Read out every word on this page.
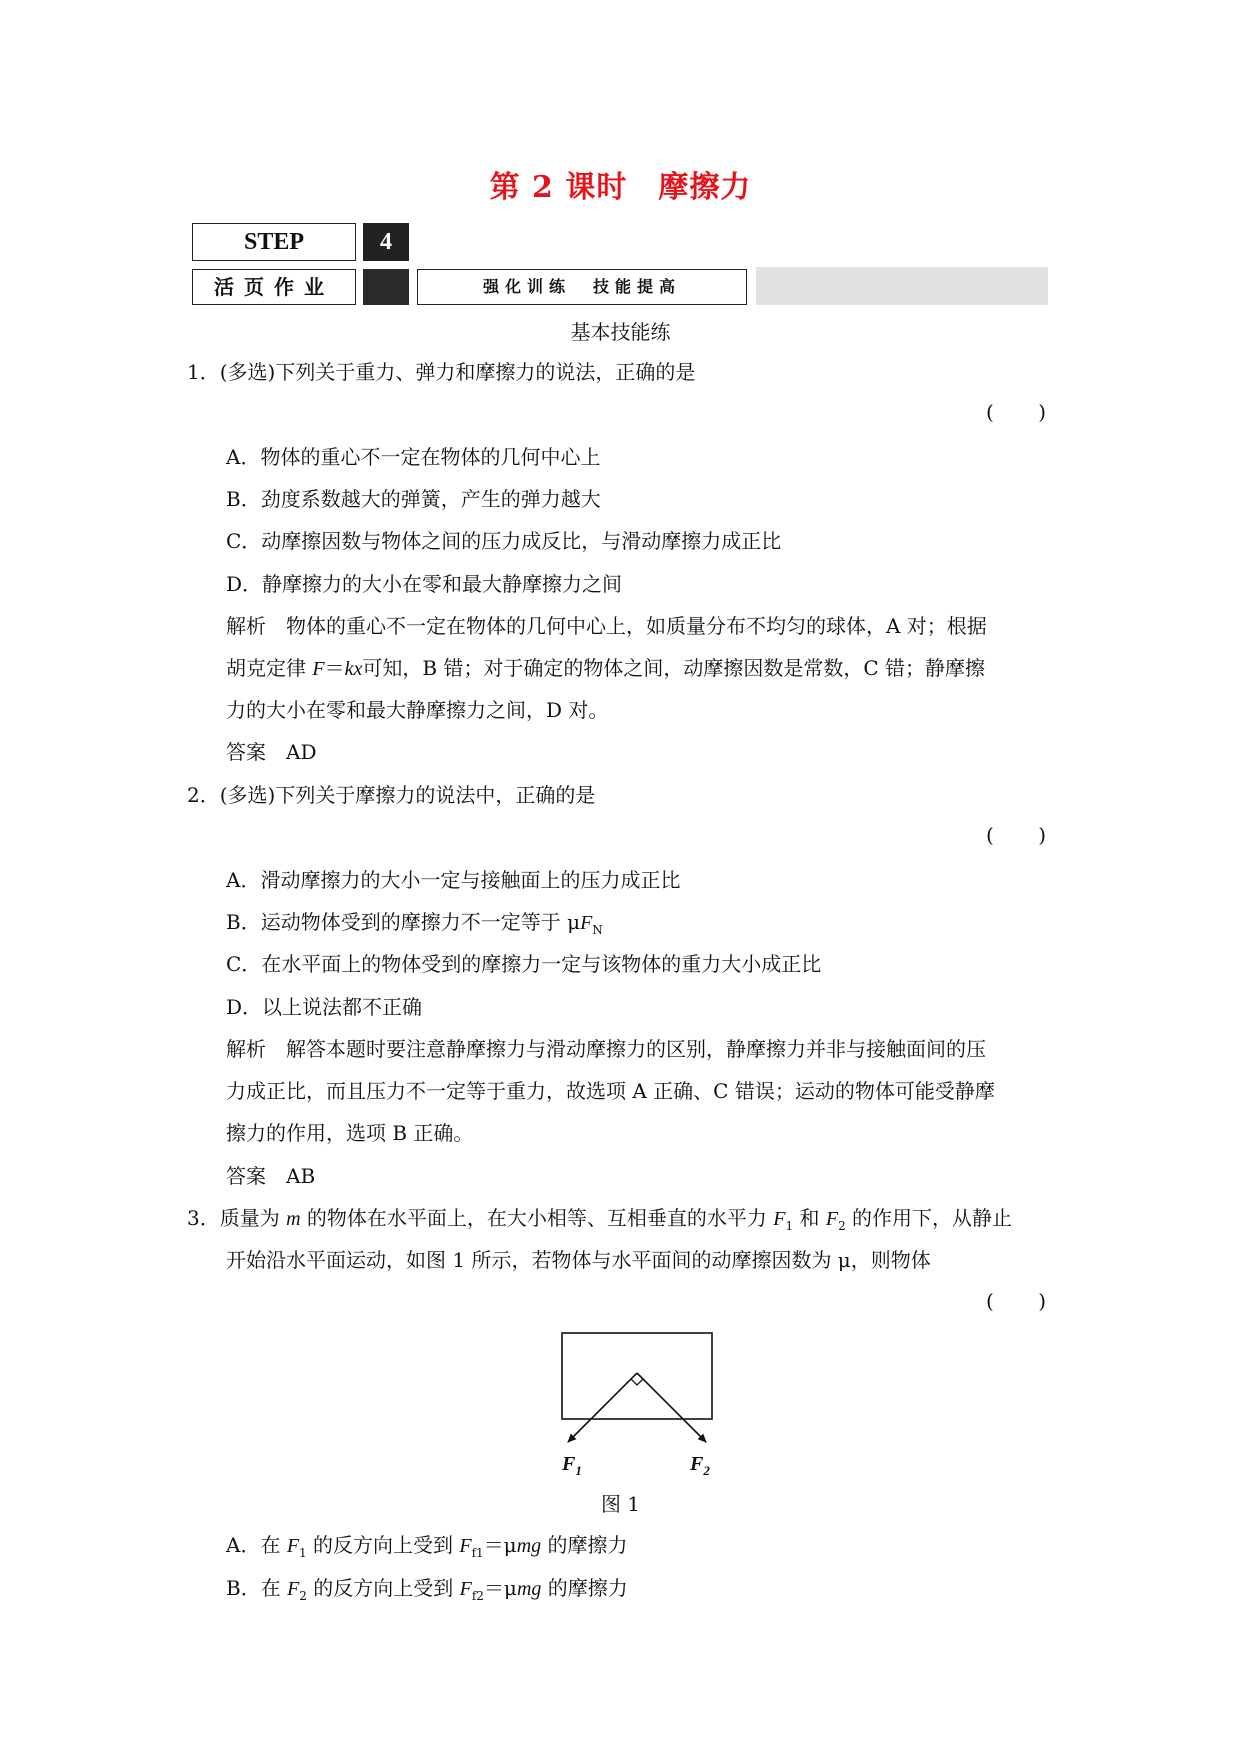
第 2 课时　摩擦力
STEP	4
活页作业	强化训练　技能提高
基本技能练
1．(多选)下列关于重力、弹力和摩擦力的说法，正确的是
( )
A．物体的重心不一定在物体的几何中心上
B．劲度系数越大的弹簧，产生的弹力越大
C．动摩擦因数与物体之间的压力成反比，与滑动摩擦力成正比
D．静摩擦力的大小在零和最大静摩擦力之间
解析　物体的重心不一定在物体的几何中心上，如质量分布不均匀的球体，A 对；根据
胡克定律 F＝kx可知，B 错；对于确定的物体之间，动摩擦因数是常数，C 错；静摩擦
力的大小在零和最大静摩擦力之间，D 对。
答案　AD
2．(多选)下列关于摩擦力的说法中，正确的是
( )
A．滑动摩擦力的大小一定与接触面上的压力成正比
B．运动物体受到的摩擦力不一定等于 $\mu F_N$
C．在水平面上的物体受到的摩擦力一定与该物体的重力大小成正比
D．以上说法都不正确
解析　解答本题时要注意静摩擦力与滑动摩擦力的区别，静摩擦力并非与接触面间的压
力成正比，而且压力不一定等于重力，故选项 A 正确、C 错误；运动的物体可能受静摩
擦力的作用，选项 B 正确。
答案　AB
3．质量为 m 的物体在水平面上，在大小相等、互相垂直的水平力 $F_1$ 和 $F_2$ 的作用下，从静止
开始沿水平面运动，如图 1 所示，若物体与水平面间的动摩擦因数为 μ，则物体
( )
$F_1$	$F_2$
图 1
A．在 $F_1$ 的反方向上受到 $F_{f1}=\mu mg$ 的摩擦力
B．在 $F_2$ 的反方向上受到 $F_{f2}=\mu mg$ 的摩擦力
